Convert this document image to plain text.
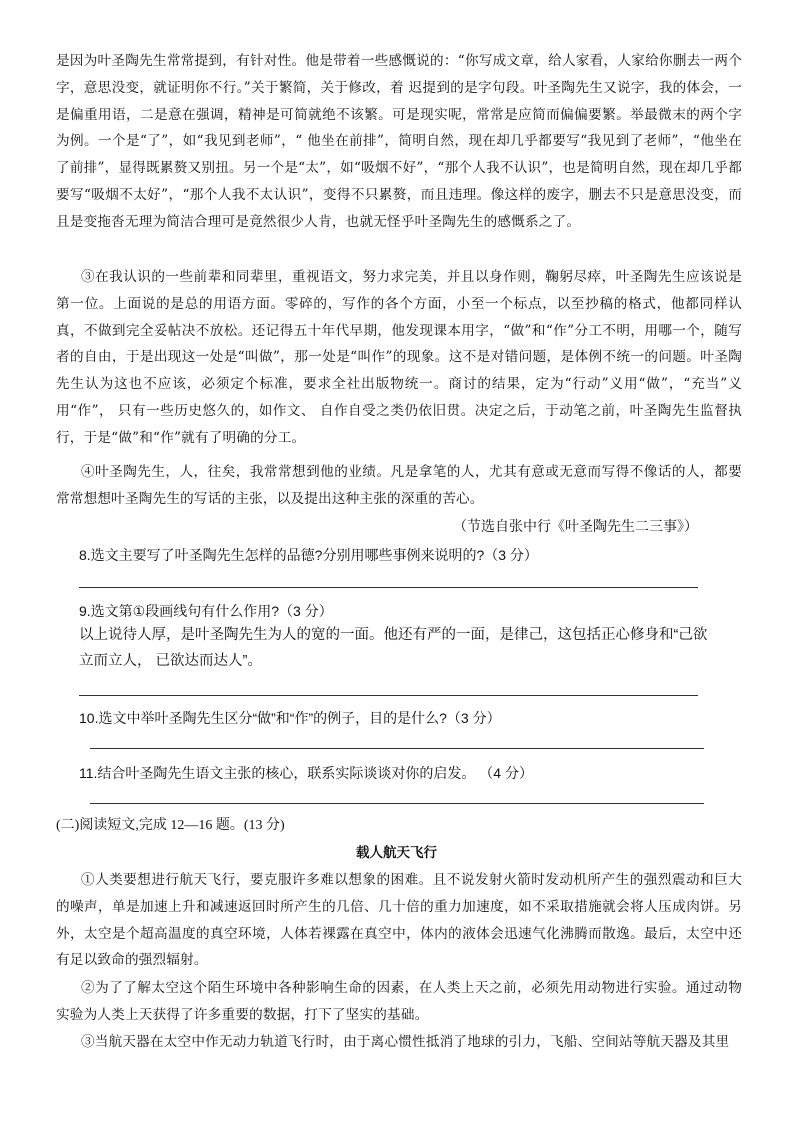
是因为叶圣陶先生常常提到，有针对性。他是带着一些感慨说的：“你写成文章，给人家看，人家给你删去一两个字，意思没变，就证明你不行。”关于繁简，关于修改，着 迟提到的是字句段。叶圣陶先生又说字，我的体会，一是偏重用语，二是意在强调，精神是可简就绝不该繁。可是现实呢，常常是应简而偏偏要繁。举最微末的两个字为例。一个是“了”，如“我见到老师”，“ 他坐在前排”，简明自然，现在却几乎都要写“我见到了老师”，“他坐在了前排”，显得既累赘又别扭。另一个是“太”，如“吸烟不好”，“那个人我不认识”，也是简明自然，现在却几乎都要写“吸烟不太好”，“那个人我不太认识”，变得不只累赘，而且违理。像这样的废字，删去不只是意思没变，而且是变拖沓无理为简洁合理可是竟然很少人肯，也就无怪乎叶圣陶先生的感慨系之了。

③在我认识的一些前辈和同辈里，重视语文，努力求完美，并且以身作则，鞠躬尽瘁，叶圣陶先生应该说是第一位。上面说的是总的用语方面。零碎的，写作的各个方面，小至一个标点，以至抄稿的格式，他都同样认真，不做到完全妥帖决不放松。还记得五十年代早期，他发现课本用字，“做”和“作”分工不明，用哪一个，随写者的自由，于是出现这一处是“叫做”，那一处是“叫作”的现象。这不是对错问题，是体例不统一的问题。叶圣陶先生认为这也不应该，必须定个标准，要求全社出版物统一。商讨的结果，定为“行动”义用“做”，“充当”义用“作”， 只有一些历史悠久的，如作文、 自作自受之类仍依旧贯。决定之后，于动笔之前，叶圣陶先生监督执行，于是“做”和“作”就有了明确的分工。

④叶圣陶先生，人，往矣，我常常想到他的业绩。凡是拿笔的人，尤其有意或无意而写得不像话的人，都要常常想想叶圣陶先生的写话的主张，以及提出这种主张的深重的苦心。

（节选自张中行《叶圣陶先生二三事》）

8.选文主要写了叶圣陶先生怎样的品德?分别用哪些事例来说明的?（3 分）

9.选文第①段画线句有什么作用?（3 分）

以上说待人厚，是叶圣陶先生为人的宽的一面。他还有严的一面，是律己，这包括正心修身和“己欲立而立人， 已欲达而达人”。

10.选文中举叶圣陶先生区分“做”和“作”的例子，目的是什么?（3 分）

11.结合叶圣陶先生语文主张的核心，联系实际谈谈对你的启发。 （4 分）

(二)阅读短文,完成 12—16 题。(13 分)

载人航天飞行

①人类要想进行航天飞行，要克服许多难以想象的困难。且不说发射火箭时发动机所产生的强烈震动和巨大的噪声，单是加速上升和减速返回时所产生的几倍、几十倍的重力加速度，如不采取措施就会将人压成肉饼。另外，太空是个超高温度的真空环境，人体若裸露在真空中，体内的液体会迅速气化沸腾而散逸。最后，太空中还有足以致命的强烈辐射。

②为了了解太空这个陌生环境中各种影响生命的因素，在人类上天之前，必须先用动物进行实验。通过动物实验为人类上天获得了许多重要的数据，打下了坚实的基础。

③当航天器在太空中作无动力轨道飞行时，由于离心惯性抵消了地球的引力，飞船、空间站等航天器及其里
